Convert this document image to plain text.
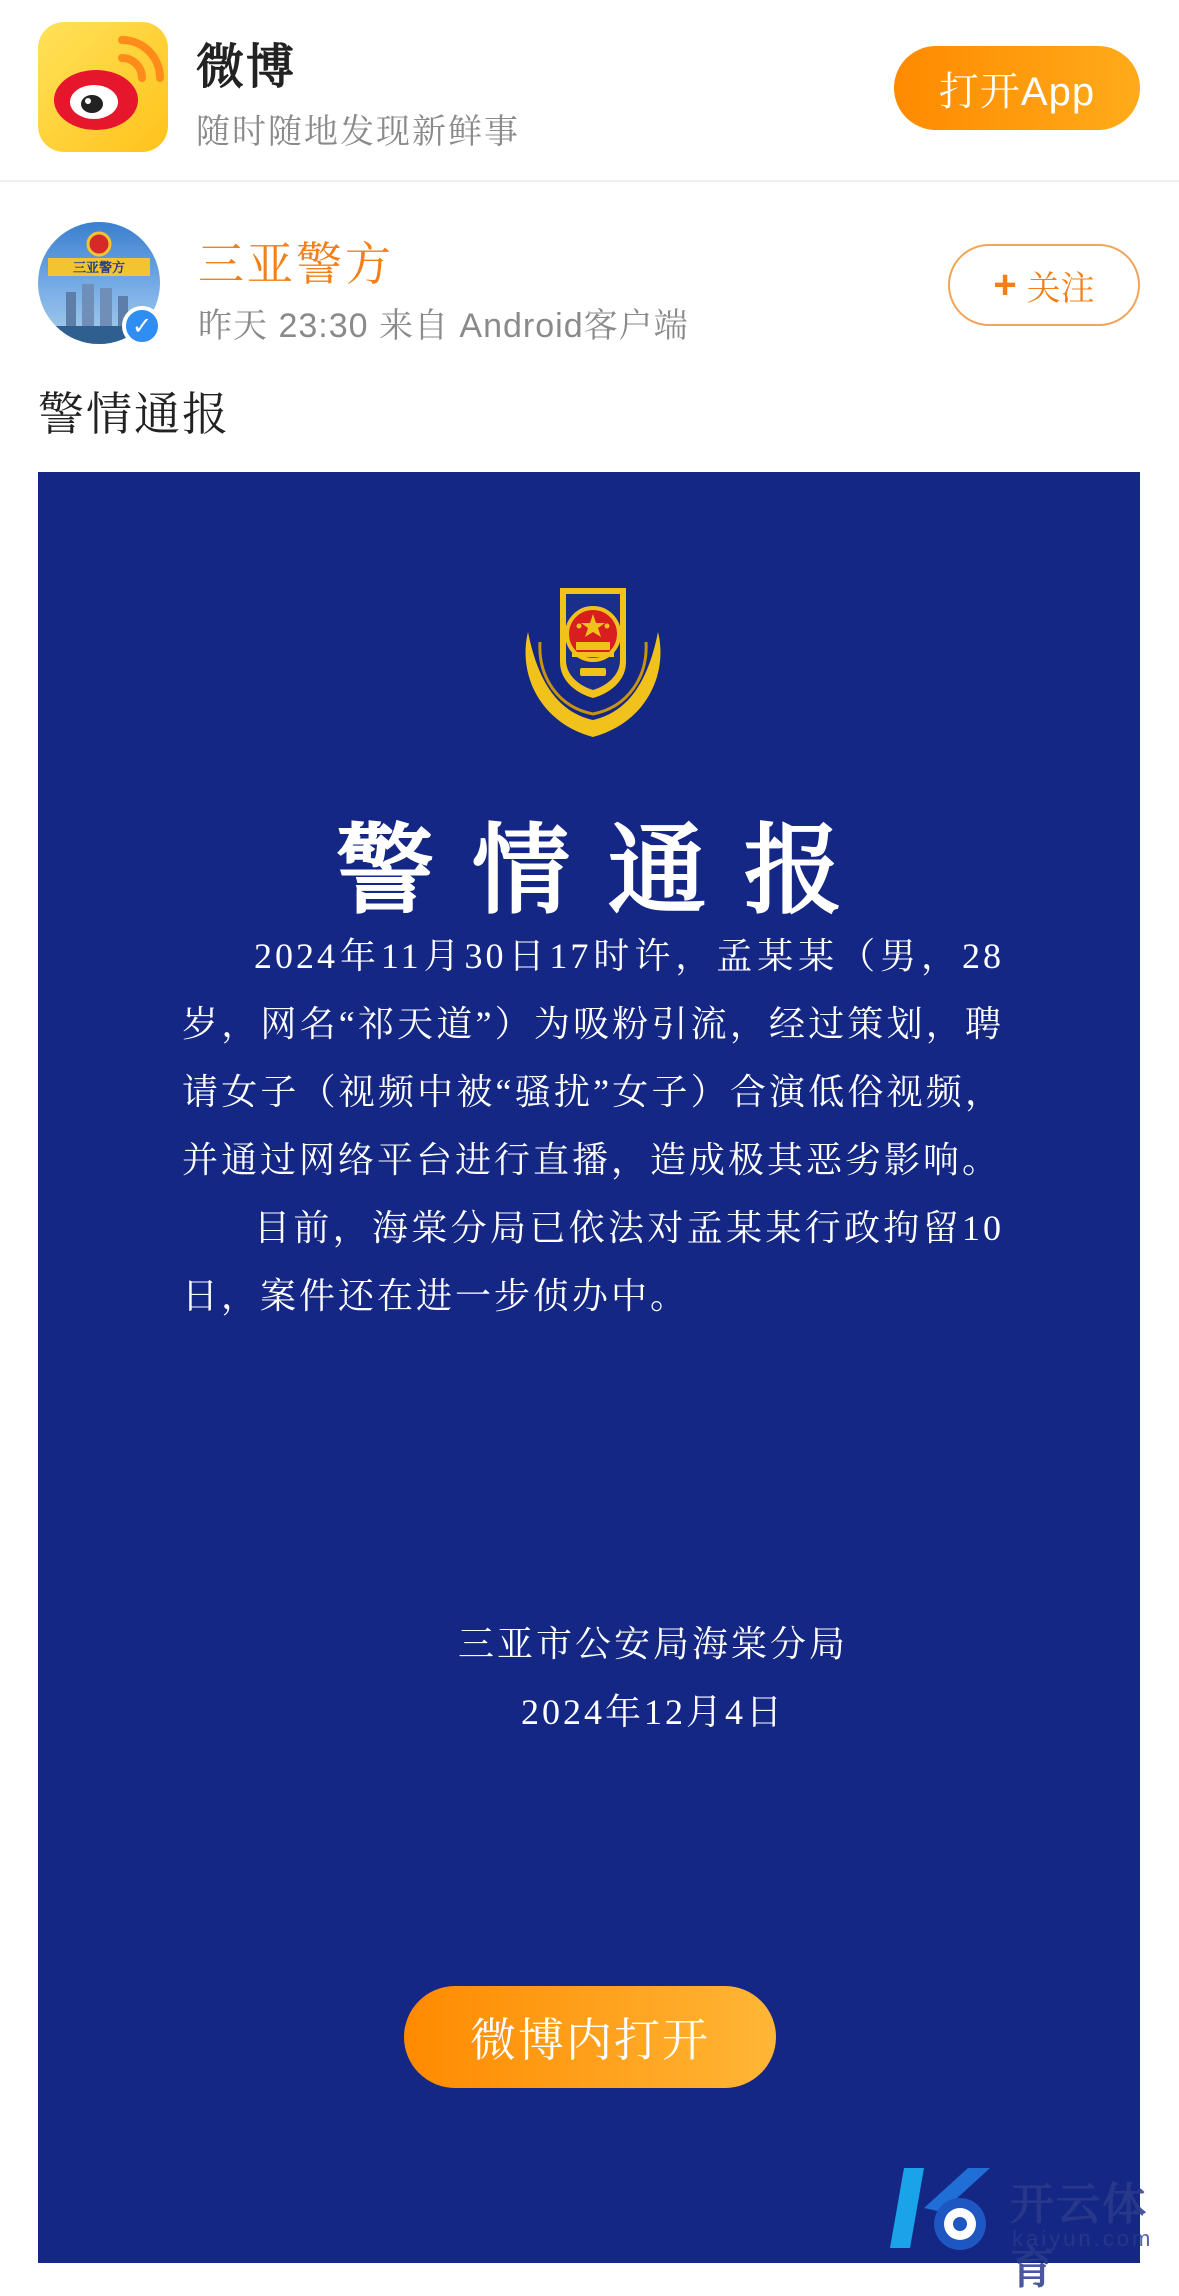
微博
随时随地发现新鲜事
打开App
三亚警方
✓
三亚警方
昨天 23:30 来自 Android客户端
+ 关注
警情通报
警情通报

2024年11月30日17时许，孟某某（男，28岁，网名“祁天道”）为吸粉引流，经过策划，聘请女子（视频中被“骚扰”女子）合演低俗视频，并通过网络平台进行直播，造成极其恶劣影响。

目前，海棠分局已依法对孟某某行政拘留10日，案件还在进一步侦办中。

三亚市公安局海棠分局
2024年12月4日
微博内打开
开云体育
kaiyun.com
